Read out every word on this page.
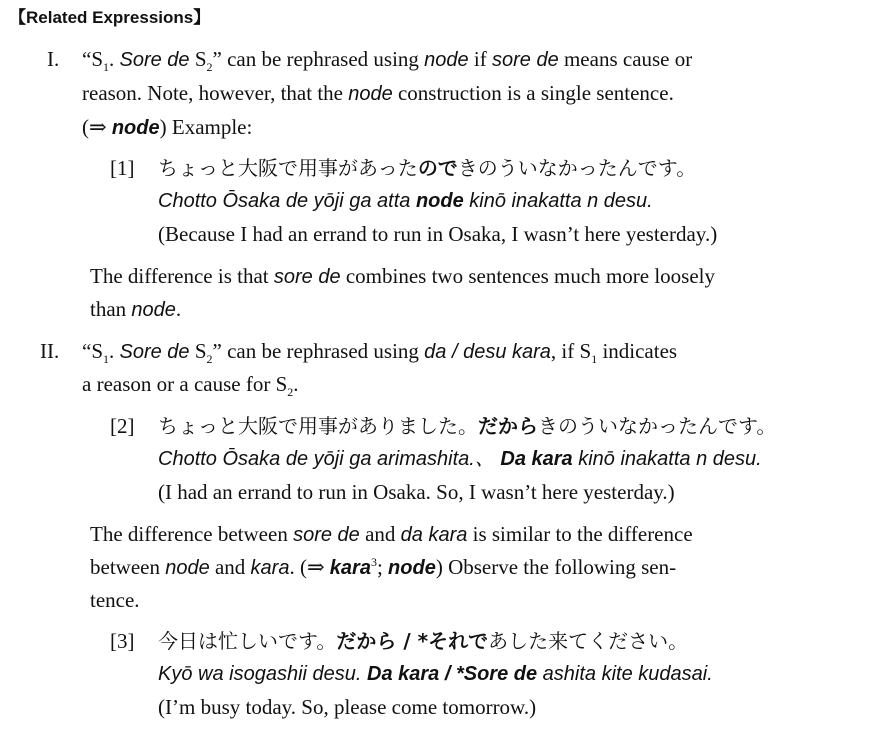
【Related Expressions】
I. “$S_1$. Sore de $S_2$” can be rephrased using node if sore de means cause or
reason. Note, however, that the node construction is a single sentence.
(⇒ node) Example:
[1] ちょっと大阪で用事があったのできのういなかったんです。
Chotto Ōsaka de yōji ga atta node kinō inakatta n desu.
(Because I had an errand to run in Osaka, I wasn’t here yesterday.)
The difference is that sore de combines two sentences much more loosely
than node.
II. “$S_1$. Sore de $S_2$” can be rephrased using da / desu kara, if $S_1$ indicates
a reason or a cause for $S_2$.
[2] ちょっと大阪で用事がありました。だからきのういなかったんです。
Chotto Ōsaka de yōji ga arimashita.、 Da kara kinō inakatta n desu.
(I had an errand to run in Osaka. So, I wasn’t here yesterday.)
The difference between sore de and da kara is similar to the difference
between node and kara. (⇒ kara$^3$; node) Observe the following sen-
tence.
[3] 今日は忙しいです。だから / *それであした来てください。
Kyō wa isogashii desu. Da kara / *Sore de ashita kite kudasai.
(I’m busy today. So, please come tomorrow.)
